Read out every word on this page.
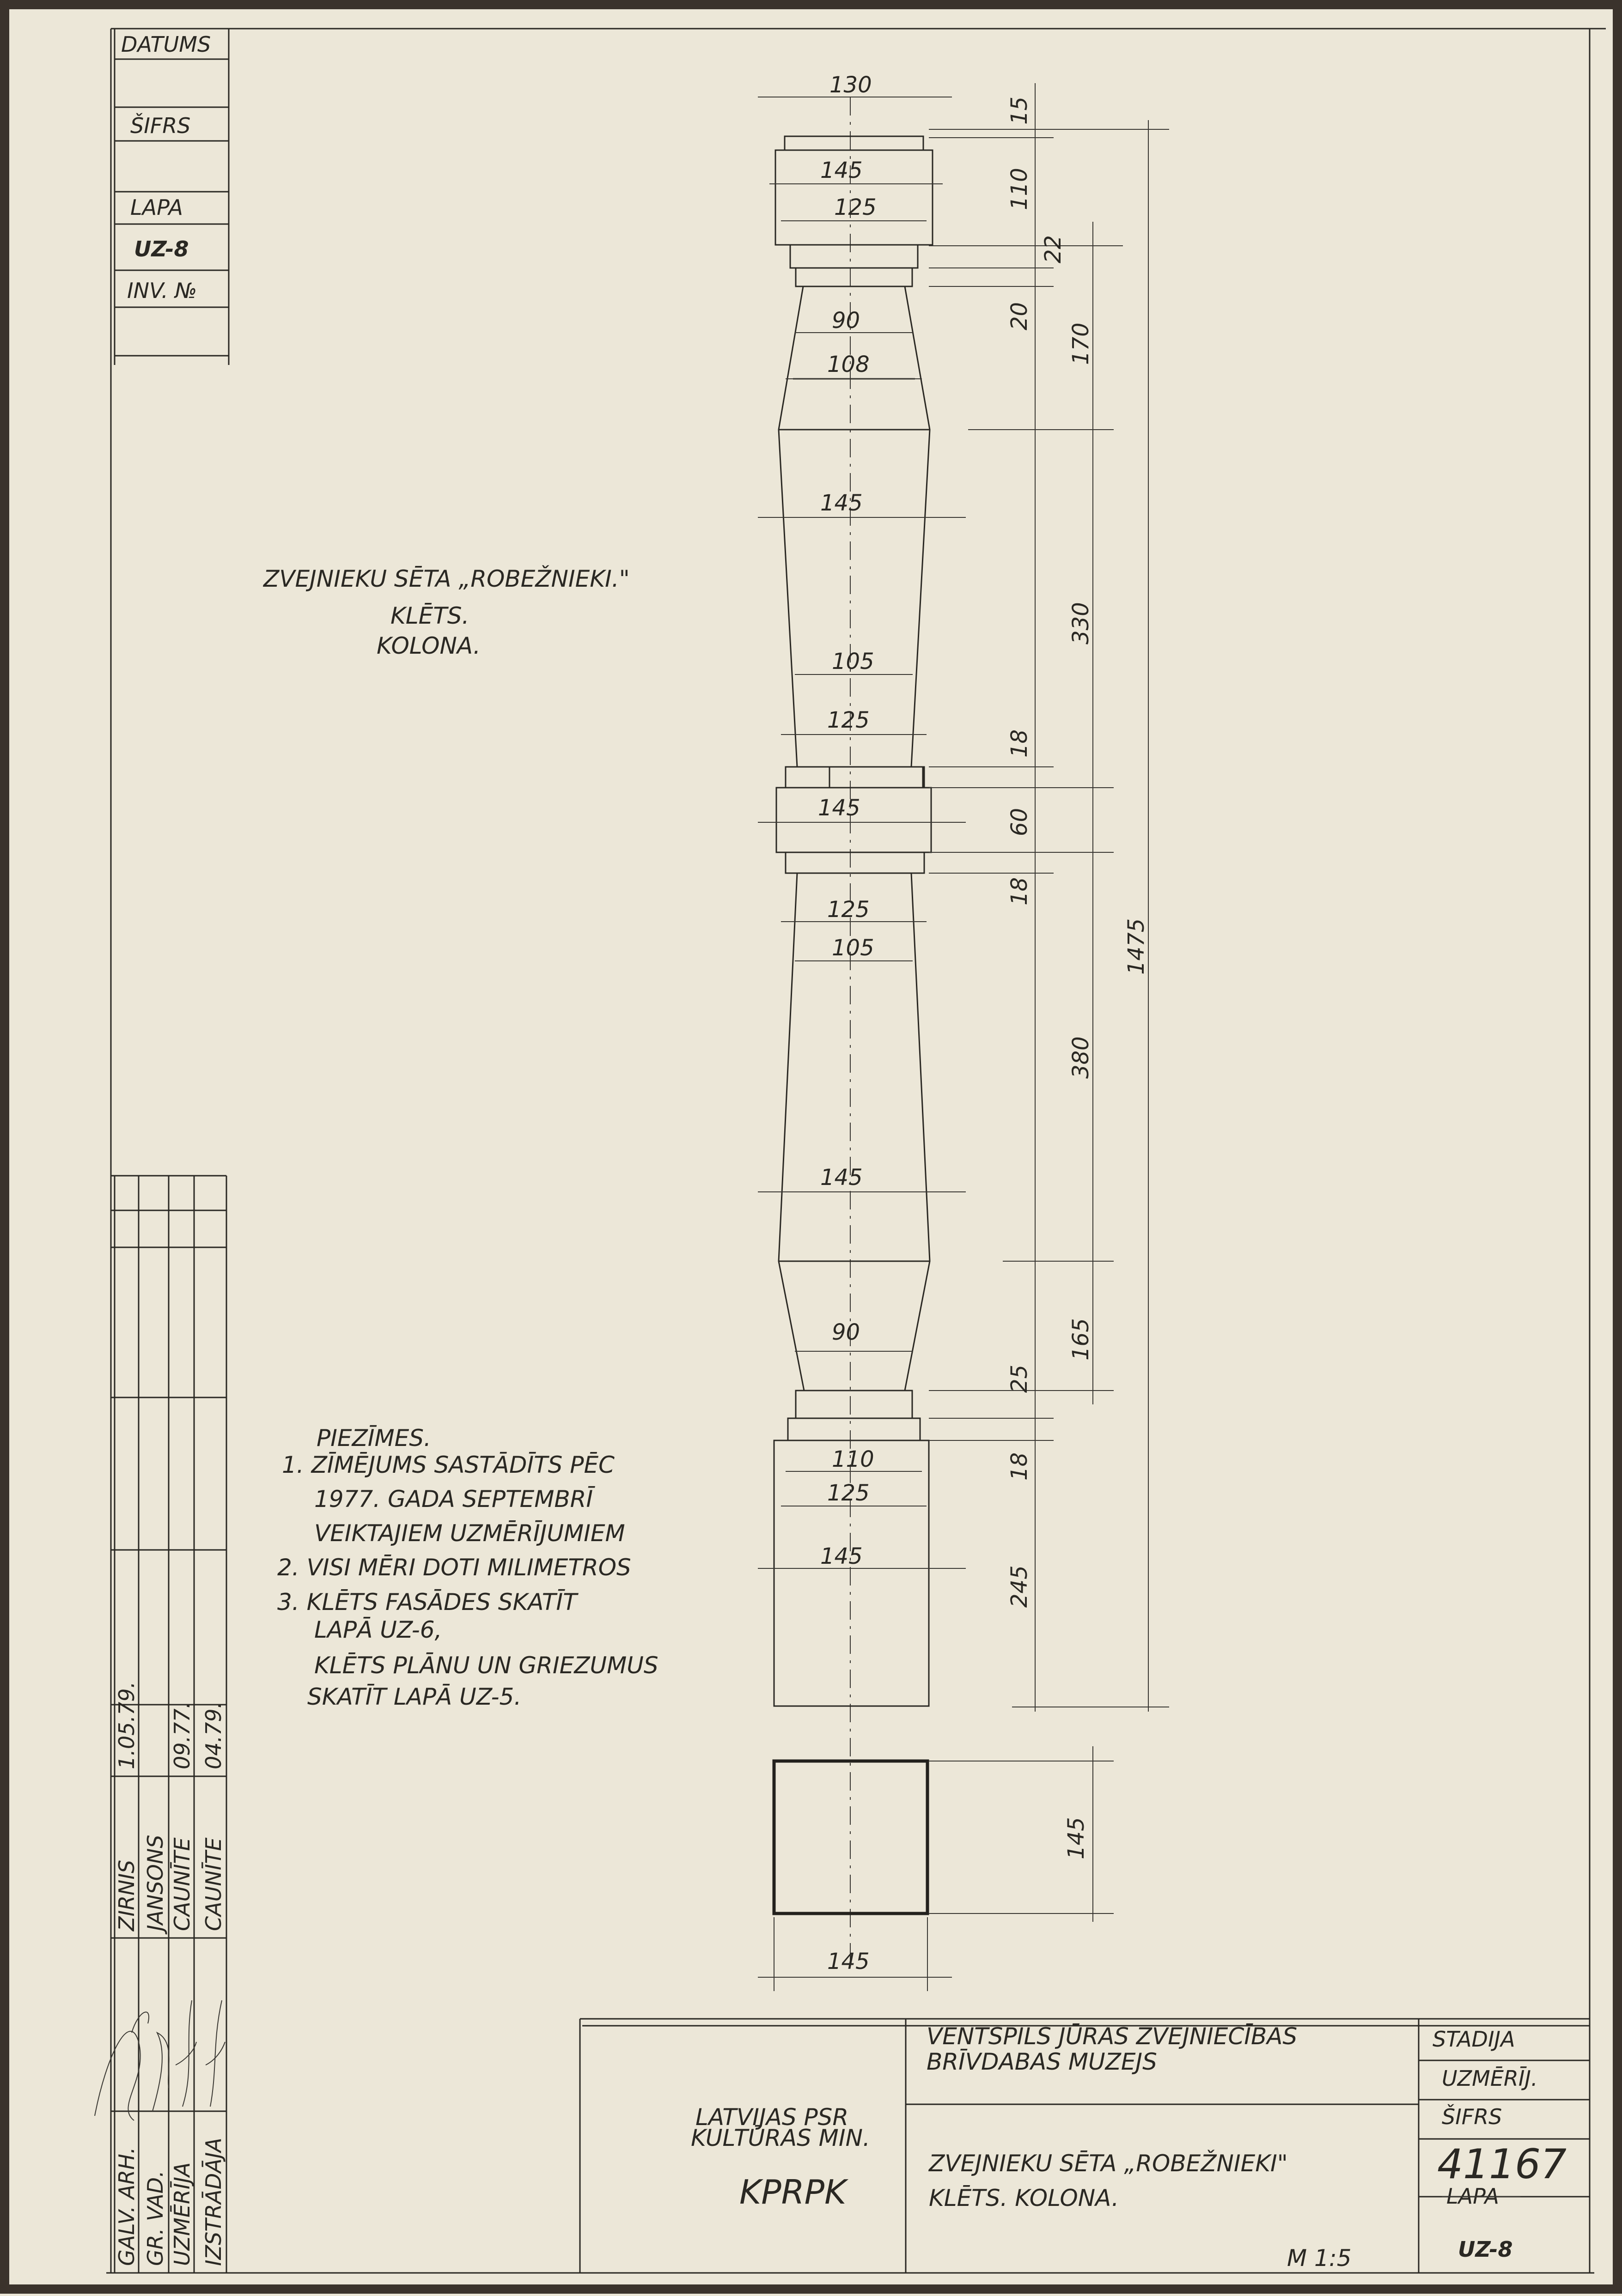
DATUMS
ŠIFRS
LAPA
UZ-8
INV. №
ZVEJNIEKU SĒTA „ROBEŽNIEKI."
KLĒTS.
KOLONA.
130
145
125
90
108
145
105
125
145
125
105
145
90
110
125
145
145
15
110
22
20
170
330
18
60
18
1475
380
165
25
18
245
145
PIEZĪMES.
1. ZĪMĒJUMS SASTĀDĪTS PĒC
1977. GADA SEPTEMBRĪ
VEIKTAJIEM UZMĒRĪJUMIEM
2. VISI MĒRI DOTI MILIMETROS
3. KLĒTS FASĀDES SKATĪT
LAPĀ UZ-6,
KLĒTS PLĀNU UN GRIEZUMUS
SKATĪT LAPĀ UZ-5.
GALV. ARH. GR. VAD. UZMĒRĪJA IZSTRĀDĀJA
ZIRNIS JANSONS CAUNĪTE CAUNĪTE
1.05.79. 09.77. 04.79.
LATVIJAS PSR
KULTŪRAS MIN.
KPRPK
VENTSPILS JŪRAS ZVEJNIECĪBAS
BRĪVDABAS MUZEJS
ZVEJNIEKU SĒTA „ROBEŽNIEKI"
KLĒTS. KOLONA.
M 1:5
STADIJA
UZMĒRĪJ.
ŠIFRS
41167
LAPA
UZ-8
